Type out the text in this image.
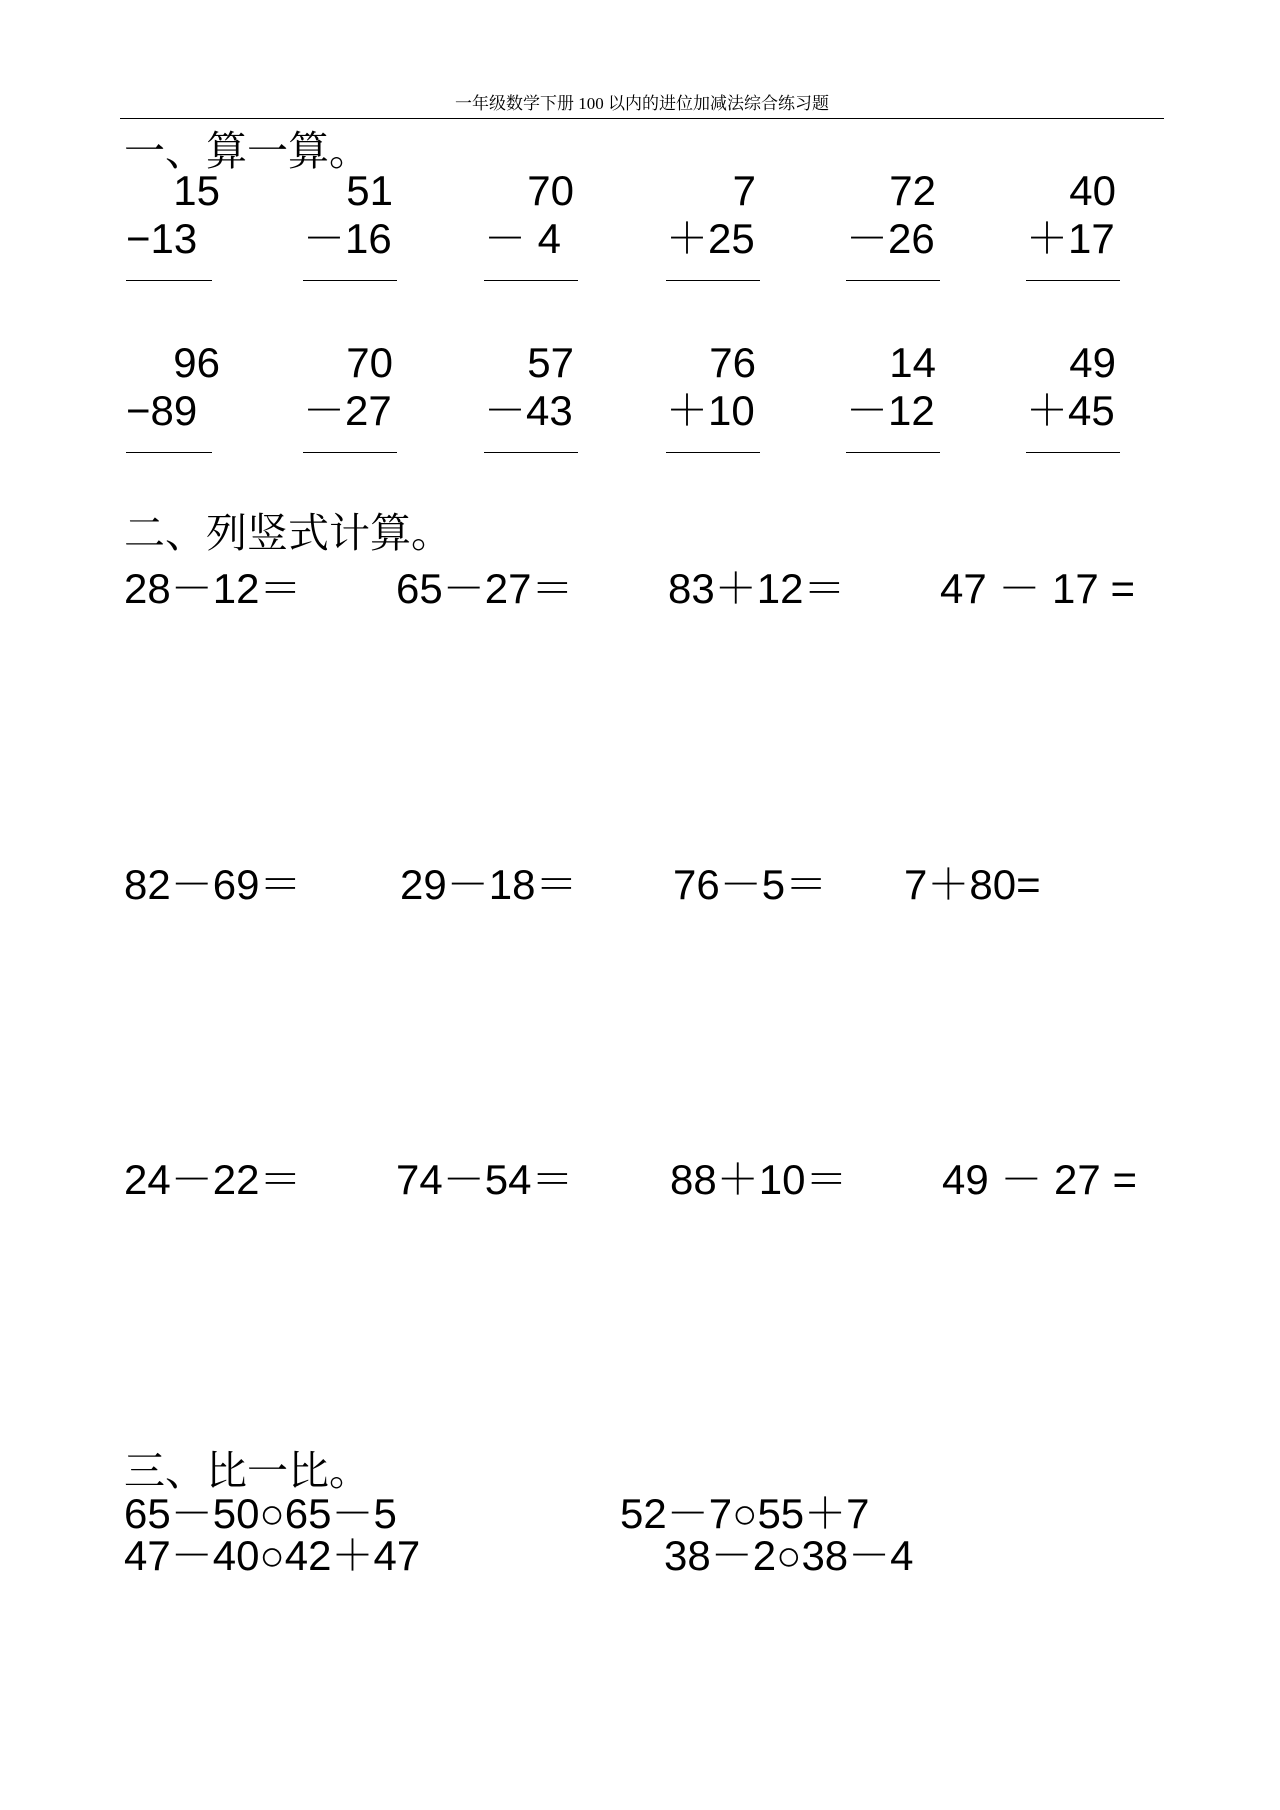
一年级数学下册 100 以内的进位加减法综合练习题
一、算一算。
15
−13
51
－16
70
－ 4
7
＋25
72
－26
40
＋17
96
−89
70
－27
57
－43
76
＋10
14
－12
49
＋45
二、列竖式计算。
28－12＝ 65－27＝ 83＋12＝ 47 － 17 =
82－69＝ 29－18＝ 76－5＝ 7＋80=
24－22＝ 74－54＝ 88＋10＝ 49 － 27 =
三、比一比。
65－50○65－5	52－7○55＋7
47－40○42＋47	38－2○38－4
